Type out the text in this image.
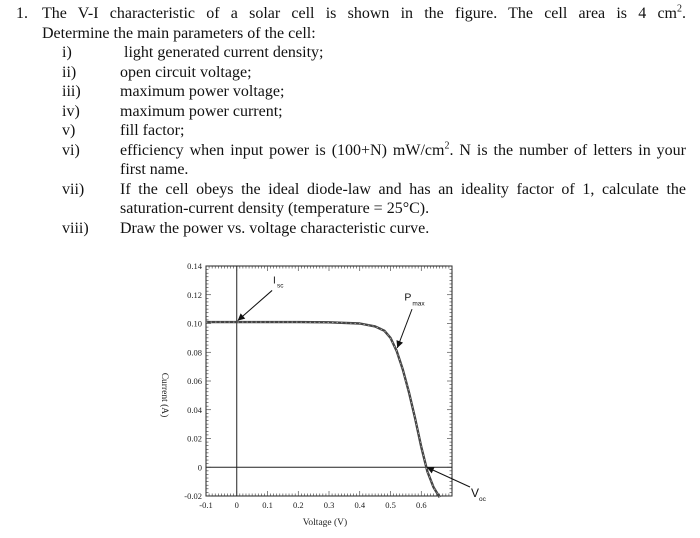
1. The V-I characteristic of a solar cell is shown in the figure. The cell area is 4 $cm^2$.
Determine the main parameters of the cell:
i)	light generated current density;
ii)	open circuit voltage;
iii)	maximum power voltage;
iv)	maximum power current;
v)	fill factor;
vi)	efficiency when input power is (100+N) $mW/cm^2$. N is the number of letters in your first name.
vii)	If the cell obeys the ideal diode-law and has an ideality factor of 1, calculate the saturation-current density (temperature = 25°C).
viii)	Draw the power vs. voltage characteristic curve.
-0.1	0	0.1 0.2 0.3 0.4 0.5 0.6
0.14
0.12
0.10
0.08
0.06
0.04
0.02
0
-0.02
I sc
P
max
V oc
Current (A)
Voltage (V)
